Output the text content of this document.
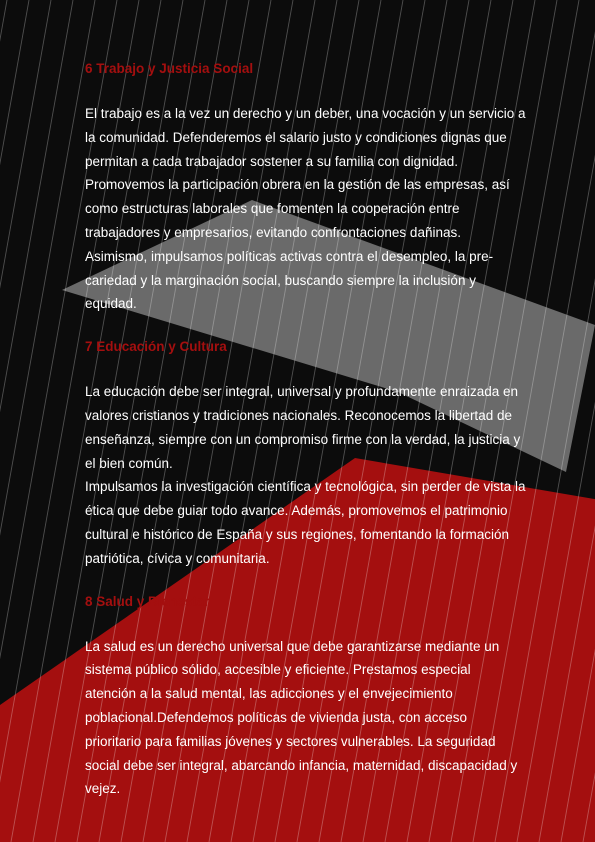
6 Trabajo y Justicia Social

El trabajo es a la vez un derecho y un deber, una vocación y un servicio a
la comunidad. Defenderemos el salario justo y condiciones dignas que
permitan a cada trabajador sostener a su familia con dignidad.
Promovemos la participación obrera en la gestión de las empresas, así
como estructuras laborales que fomenten la cooperación entre
trabajadores y empresarios, evitando confrontaciones dañinas.
Asimismo, impulsamos políticas activas contra el desempleo, la pre-
cariedad y la marginación social, buscando siempre la inclusión y
equidad.

7 Educación y Cultura

La educación debe ser integral, universal y profundamente enraizada en
valores cristianos y tradiciones nacionales. Reconocemos la libertad de
enseñanza, siempre con un compromiso firme con la verdad, la justicia y
el bien común.
Impulsamos la investigación científica y tecnológica, sin perder de vista la
ética que debe guiar todo avance. Además, promovemos el patrimonio
cultural e histórico de España y sus regiones, fomentando la formación
patriótica, cívica y comunitaria.

8 Salud y Bienestar

La salud es un derecho universal que debe garantizarse mediante un
sistema público sólido, accesible y eficiente. Prestamos especial
atención a la salud mental, las adicciones y el envejecimiento
poblacional.Defendemos políticas de vivienda justa, con acceso
prioritario para familias jóvenes y sectores vulnerables. La seguridad
social debe ser integral, abarcando infancia, maternidad, discapacidad y
vejez.
